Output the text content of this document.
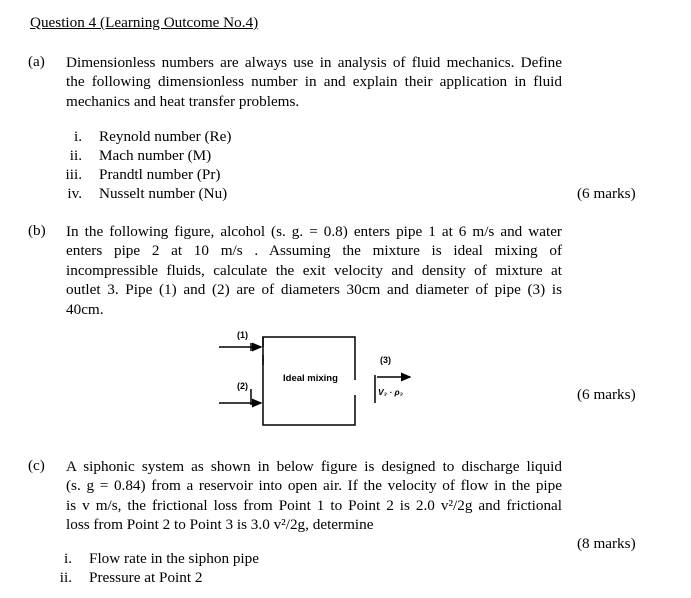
Question 4 (Learning Outcome No.4)
(a) Dimensionless numbers are always use in analysis of fluid mechanics. Define
the following dimensionless number in and explain their application in fluid
mechanics and heat transfer problems.
i. Reynold number (Re)
ii. Mach number (M)
iii. Prandtl number (Pr)
iv. Nusselt number (Nu)	(6 marks)
(b) In the following figure, alcohol (s. g. = 0.8) enters pipe 1 at 6 m/s and water
enters pipe 2 at 10 m/s . Assuming the mixture is ideal mixing of
incompressible fluids, calculate the exit velocity and density of mixture at
outlet 3. Pipe (1) and (2) are of diameters 30cm and diameter of pipe (3) is
40cm.
(1)
(2)
(3)
Ideal mixing
V₃ · ρ₃	(6 marks)
(c) A siphonic system as shown in below figure is designed to discharge liquid
(s. g = 0.84) from a reservoir into open air. If the velocity of flow in the pipe
is v m/s, the frictional loss from Point 1 to Point 2 is 2.0 v²/2g and frictional
loss from Point 2 to Point 3 is 3.0 v²/2g, determine
(8 marks)
i. Flow rate in the siphon pipe
ii. Pressure at Point 2
